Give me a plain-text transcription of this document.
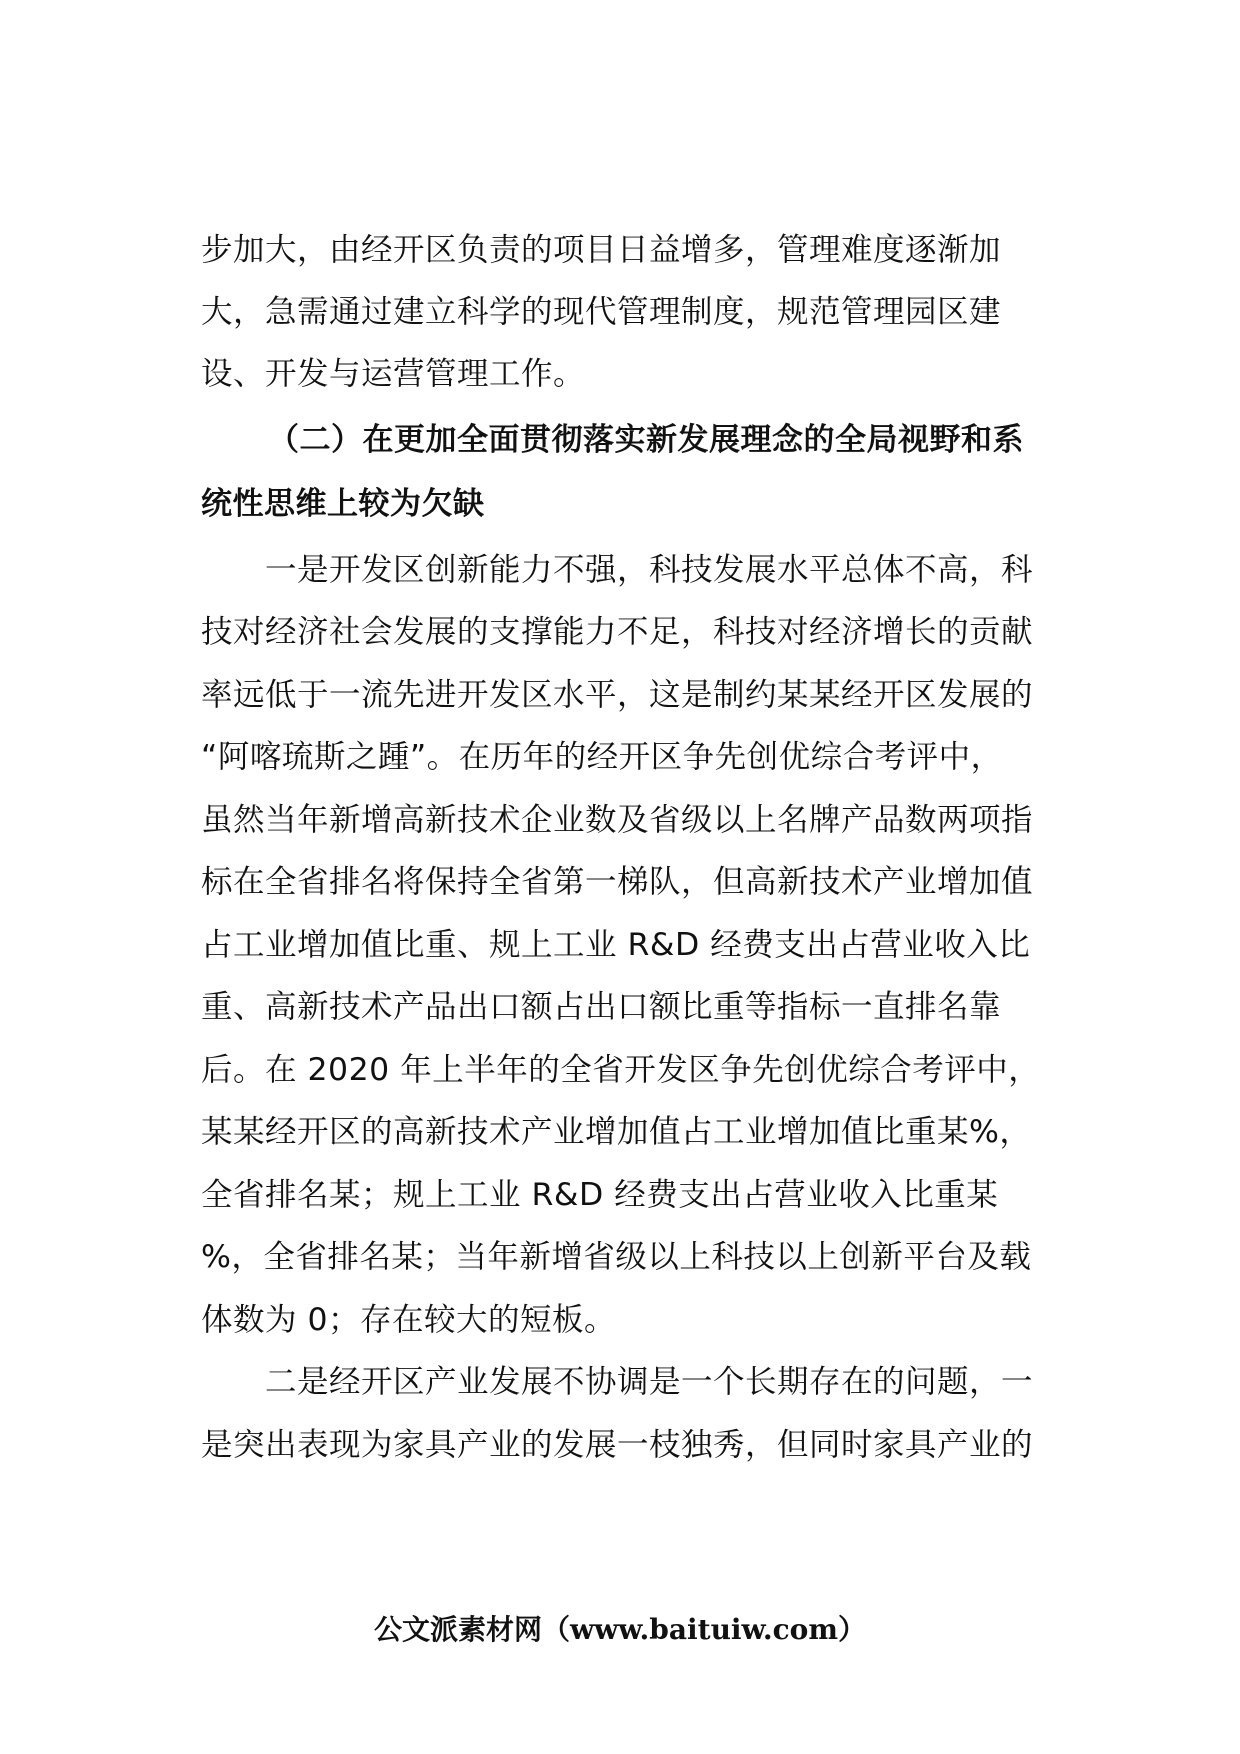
步加大，由经开区负责的项目日益增多，管理难度逐渐加
大，急需通过建立科学的现代管理制度，规范管理园区建
设、开发与运营管理工作。
（二）在更加全面贯彻落实新发展理念的全局视野和系
统性思维上较为欠缺
一是开发区创新能力不强，科技发展水平总体不高，科
技对经济社会发展的支撑能力不足，科技对经济增长的贡献
率远低于一流先进开发区水平，这是制约某某经开区发展的
“阿喀琉斯之踵”。在历年的经开区争先创优综合考评中，
虽然当年新增高新技术企业数及省级以上名牌产品数两项指
标在全省排名将保持全省第一梯队，但高新技术产业增加值
占工业增加值比重、规上工业 R&D 经费支出占营业收入比
重、高新技术产品出口额占出口额比重等指标一直排名靠
后。在 2020 年上半年的全省开发区争先创优综合考评中，
某某经开区的高新技术产业增加值占工业增加值比重某%，
全省排名某；规上工业 R&D 经费支出占营业收入比重某
%，全省排名某；当年新增省级以上科技以上创新平台及载
体数为 0；存在较大的短板。
二是经开区产业发展不协调是一个长期存在的问题，一
是突出表现为家具产业的发展一枝独秀，但同时家具产业的
公文派素材网（www.baituiw.com）
